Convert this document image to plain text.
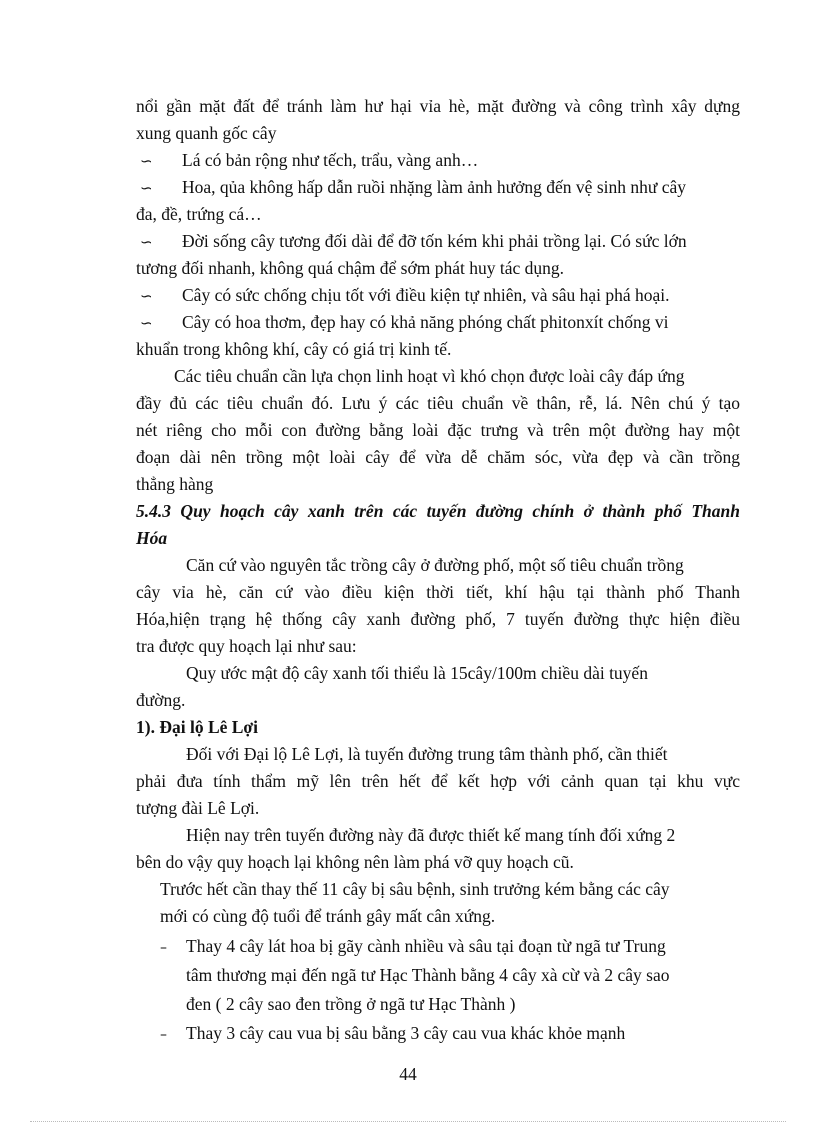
nổi gần mặt đất để tránh làm hư hại vỉa hè, mặt đường và công trình xây dựng
xung quanh gốc cây
∽ Lá có bản rộng như tếch, trẩu, vàng anh…
∽ Hoa, qủa không hấp dẫn ruồi nhặng làm ảnh hưởng đến vệ sinh như cây
đa, đề, trứng cá…
∽ Đời sống cây tương đối dài để đỡ tốn kém khi phải trồng lại. Có sức lớn
tương đối nhanh, không quá chậm để sớm phát huy tác dụng.
∽ Cây có sức chống chịu tốt với điều kiện tự nhiên, và sâu hại phá hoại.
∽ Cây có hoa thơm, đẹp hay có khả năng phóng chất phitonxít chống vi
khuẩn trong không khí, cây có giá trị kinh tế.
Các tiêu chuẩn cần lựa chọn linh hoạt vì khó chọn được loài cây đáp ứng
đầy đủ các tiêu chuẩn đó. Lưu ý các tiêu chuẩn về thân, rễ, lá. Nên chú ý tạo
nét riêng cho mỗi con đường bằng loài đặc trưng và trên một đường hay một
đoạn dài nên trồng một loài cây để vừa dễ chăm sóc, vừa đẹp và cần trồng
thẳng hàng
5.4.3 Quy hoạch cây xanh trên các tuyến đường chính ở thành phố Thanh
Hóa
Căn cứ vào nguyên tắc trồng cây ở đường phố, một số tiêu chuẩn trồng
cây vỉa hè, căn cứ vào điều kiện thời tiết, khí hậu tại thành phố Thanh
Hóa,hiện trạng hệ thống cây xanh đường phố, 7 tuyến đường thực hiện điều
tra được quy hoạch lại như sau:
Quy ước mật độ cây xanh tối thiểu là 15cây/100m chiều dài tuyến
đường.
1). Đại lộ Lê Lợi
Đối với Đại lộ Lê Lợi, là tuyến đường trung tâm thành phố, cần thiết
phải đưa tính thẩm mỹ lên trên hết để kết hợp với cảnh quan tại khu vực
tượng đài Lê Lợi.
Hiện nay trên tuyến đường này đã được thiết kế mang tính đối xứng 2
bên do vậy quy hoạch lại không nên làm phá vỡ quy hoạch cũ.
Trước hết cần thay thế 11 cây bị sâu bệnh, sinh trưởng kém bằng các cây
mới có cùng độ tuổi để tránh gây mất cân xứng.
– Thay 4 cây lát hoa bị gãy cành nhiều và sâu tại đoạn từ ngã tư Trung
tâm thương mại đến ngã tư Hạc Thành bằng 4 cây xà cừ và 2 cây sao
đen ( 2 cây sao đen trồng ở ngã tư Hạc Thành )
– Thay 3 cây cau vua bị sâu bằng 3 cây cau vua khác khỏe mạnh
44
